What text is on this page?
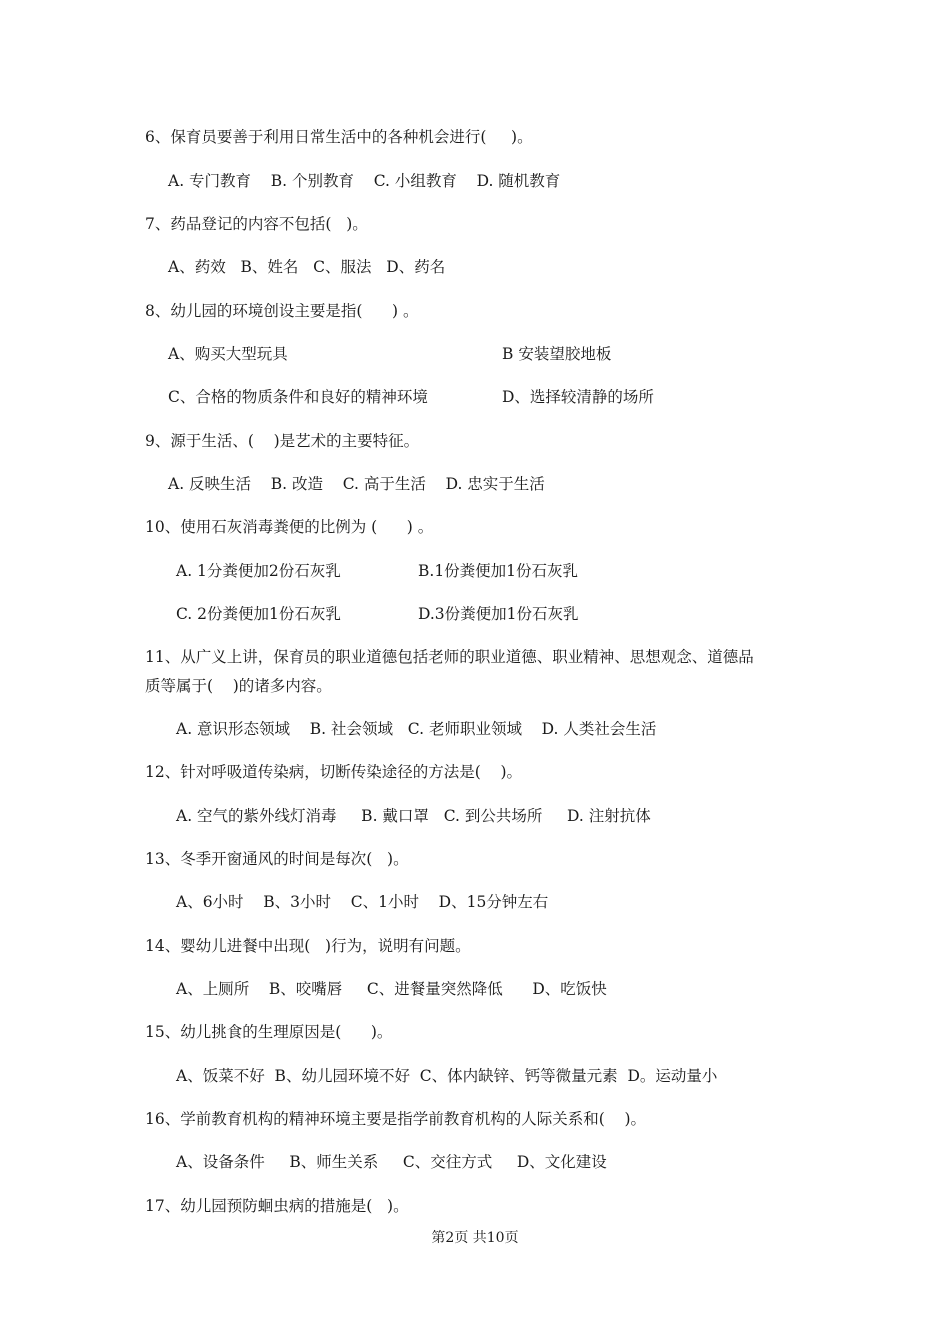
6、保育员要善于利用日常生活中的各种机会进行(     )。
A. 专门教育    B. 个别教育    C. 小组教育    D. 随机教育
7、药品登记的内容不包括(   )。
A、药效   B、姓名   C、服法   D、药名
8、幼儿园的环境创设主要是指(      ) 。
A、购买大型玩具	B 安装望胶地板
C、合格的物质条件和良好的精神环境	D、选择较清静的场所
9、源于生活、(    )是艺术的主要特征。
A. 反映生活    B. 改造    C. 高于生活    D. 忠实于生活
10、使用石灰消毒粪便的比例为 (      ) 。
A. 1分粪便加2份石灰乳	B.1份粪便加1份石灰乳
C. 2份粪便加1份石灰乳	D.3份粪便加1份石灰乳
11、从广义上讲，保育员的职业道德包括老师的职业道德、职业精神、思想观念、道德品
质等属于(    )的诸多内容。
A. 意识形态领域    B. 社会领域   C. 老师职业领域    D. 人类社会生活
12、针对呼吸道传染病，切断传染途径的方法是(    )。
A. 空气的紫外线灯消毒     B. 戴口罩   C. 到公共场所     D. 注射抗体
13、冬季开窗通风的时间是每次(   )。
A、6小时    B、3小时    C、1小时    D、15分钟左右
14、婴幼儿进餐中出现(   )行为，说明有问题。
A、上厕所    B、咬嘴唇     C、进餐量突然降低      D、吃饭快
15、幼儿挑食的生理原因是(      )。
A、饭菜不好  B、幼儿园环境不好  C、体内缺锌、钙等微量元素  D。运动量小
16、学前教育机构的精神环境主要是指学前教育机构的人际关系和(    )。
A、设备条件     B、师生关系     C、交往方式     D、文化建设
17、幼儿园预防蛔虫病的措施是(   )。
第2页 共10页
